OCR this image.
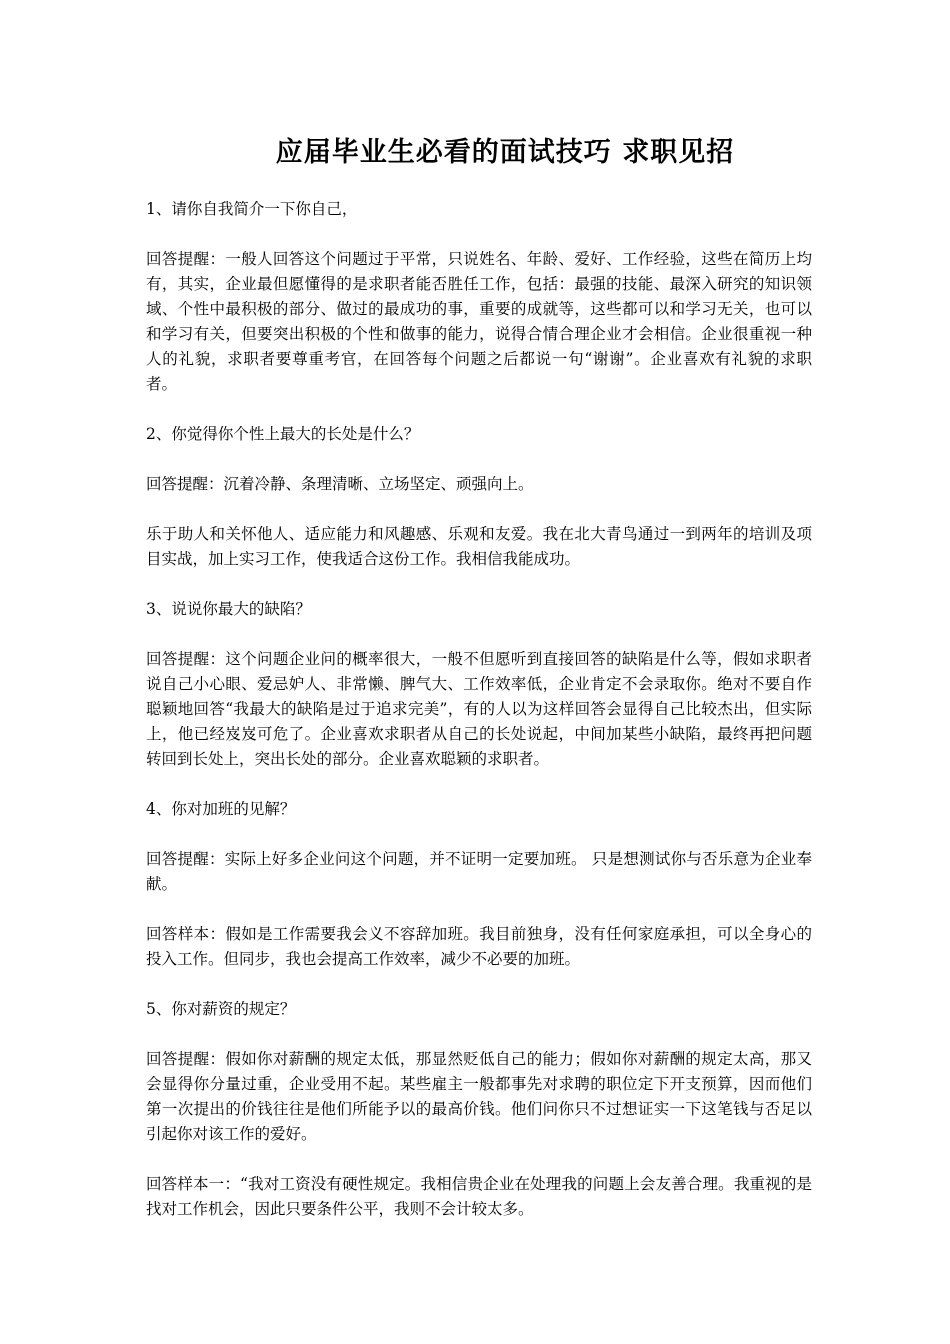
应届毕业生必看的面试技巧 求职见招

1、请你自我简介一下你自己，

回答提醒：一般人回答这个问题过于平常，只说姓名、年龄、爱好、工作经验，这些在简历上均有，其实，企业最但愿懂得的是求职者能否胜任工作，包括：最强的技能、最深入研究的知识领域、个性中最积极的部分、做过的最成功的事，重要的成就等，这些都可以和学习无关，也可以和学习有关，但要突出积极的个性和做事的能力，说得合情合理企业才会相信。企业很重视一种人的礼貌，求职者要尊重考官，在回答每个问题之后都说一句“谢谢”。企业喜欢有礼貌的求职者。

2、你觉得你个性上最大的长处是什么？

回答提醒：沉着冷静、条理清晰、立场坚定、顽强向上。

乐于助人和关怀他人、适应能力和风趣感、乐观和友爱。我在北大青鸟通过一到两年的培训及项目实战，加上实习工作，使我适合这份工作。我相信我能成功。

3、说说你最大的缺陷？

回答提醒：这个问题企业问的概率很大，一般不但愿听到直接回答的缺陷是什么等，假如求职者说自己小心眼、爱忌妒人、非常懒、脾气大、工作效率低，企业肯定不会录取你。绝对不要自作聪颖地回答“我最大的缺陷是过于追求完美”，有的人以为这样回答会显得自己比较杰出，但实际上，他已经岌岌可危了。企业喜欢求职者从自己的长处说起，中间加某些小缺陷，最终再把问题转回到长处上，突出长处的部分。企业喜欢聪颖的求职者。

4、你对加班的见解？

回答提醒：实际上好多企业问这个问题，并不证明一定要加班。 只是想测试你与否乐意为企业奉献。

回答样本：假如是工作需要我会义不容辞加班。我目前独身，没有任何家庭承担，可以全身心的投入工作。但同步，我也会提高工作效率，减少不必要的加班。

5、你对薪资的规定？

回答提醒：假如你对薪酬的规定太低，那显然贬低自己的能力；假如你对薪酬的规定太高，那又会显得你分量过重，企业受用不起。某些雇主一般都事先对求聘的职位定下开支预算，因而他们第一次提出的价钱往往是他们所能予以的最高价钱。他们问你只不过想证实一下这笔钱与否足以引起你对该工作的爱好。

回答样本一：“我对工资没有硬性规定。我相信贵企业在处理我的问题上会友善合理。我重视的是找对工作机会，因此只要条件公平，我则不会计较太多。
